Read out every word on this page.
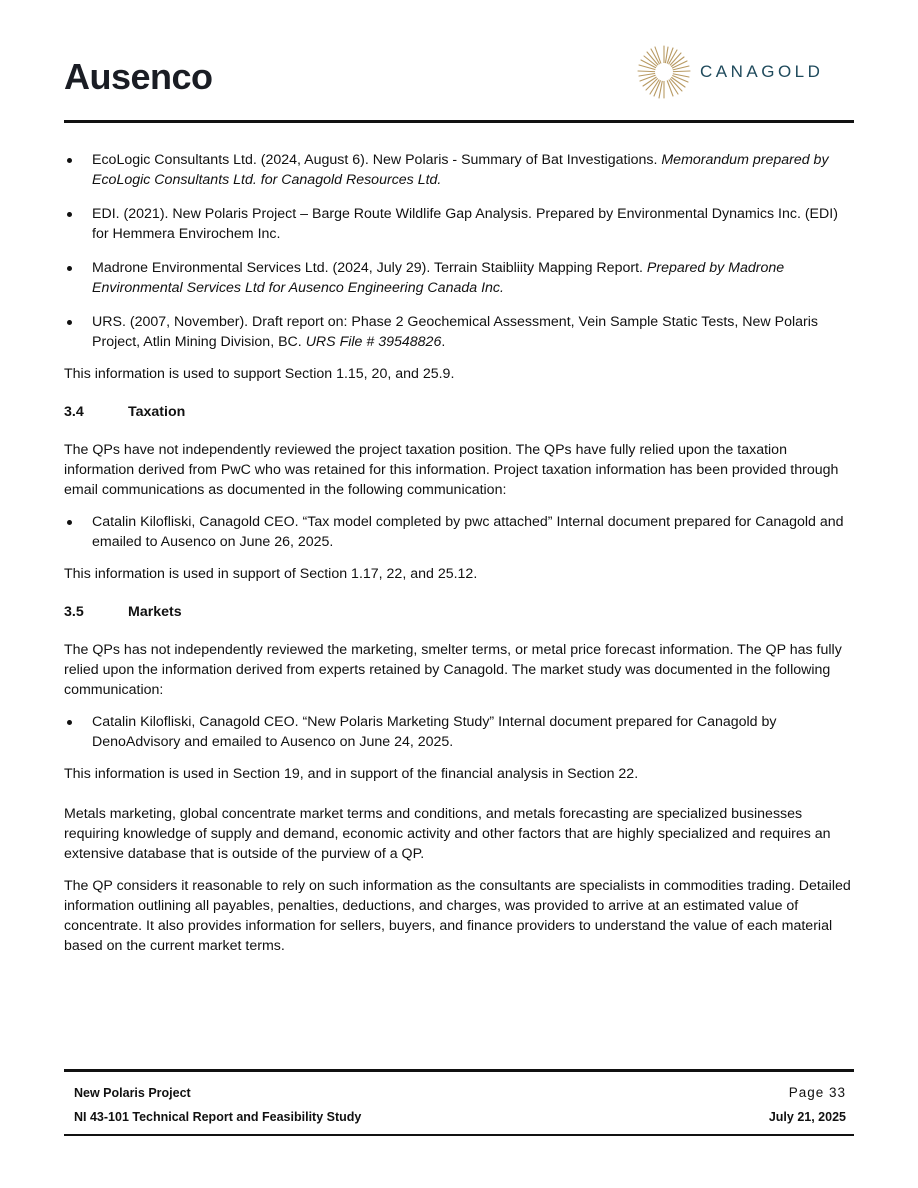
Ausenco	CANAGOLD
EcoLogic Consultants Ltd. (2024, August 6). New Polaris - Summary of Bat Investigations. Memorandum prepared by EcoLogic Consultants Ltd. for Canagold Resources Ltd.
EDI. (2021). New Polaris Project – Barge Route Wildlife Gap Analysis. Prepared by Environmental Dynamics Inc. (EDI) for Hemmera Envirochem Inc.
Madrone Environmental Services Ltd. (2024, July 29). Terrain Staibliity Mapping Report. Prepared by Madrone Environmental Services Ltd for Ausenco Engineering Canada Inc.
URS. (2007, November). Draft report on: Phase 2 Geochemical Assessment, Vein Sample Static Tests, New Polaris Project, Atlin Mining Division, BC. URS File # 39548826.

This information is used to support Section 1.15, 20, and 25.9.

3.4	Taxation

The QPs have not independently reviewed the project taxation position. The QPs have fully relied upon the taxation information derived from PwC who was retained for this information. Project taxation information has been provided through email communications as documented in the following communication:

Catalin Kilofliski, Canagold CEO. “Tax model completed by pwc attached” Internal document prepared for Canagold and emailed to Ausenco on June 26, 2025.

This information is used in support of Section 1.17, 22, and 25.12.

3.5	Markets

The QPs has not independently reviewed the marketing, smelter terms, or metal price forecast information. The QP has fully relied upon the information derived from experts retained by Canagold. The market study was documented in the following communication:

Catalin Kilofliski, Canagold CEO. “New Polaris Marketing Study” Internal document prepared for Canagold by DenoAdvisory and emailed to Ausenco on June 24, 2025.

This information is used in Section 19, and in support of the financial analysis in Section 22.

Metals marketing, global concentrate market terms and conditions, and metals forecasting are specialized businesses requiring knowledge of supply and demand, economic activity and other factors that are highly specialized and requires an extensive database that is outside of the purview of a QP.

The QP considers it reasonable to rely on such information as the consultants are specialists in commodities trading. Detailed information outlining all payables, penalties, deductions, and charges, was provided to arrive at an estimated value of concentrate. It also provides information for sellers, buyers, and finance providers to understand the value of each material based on the current market terms.

New Polaris Project
NI 43-101 Technical Report and Feasibility Study
Page 33
July 21, 2025
